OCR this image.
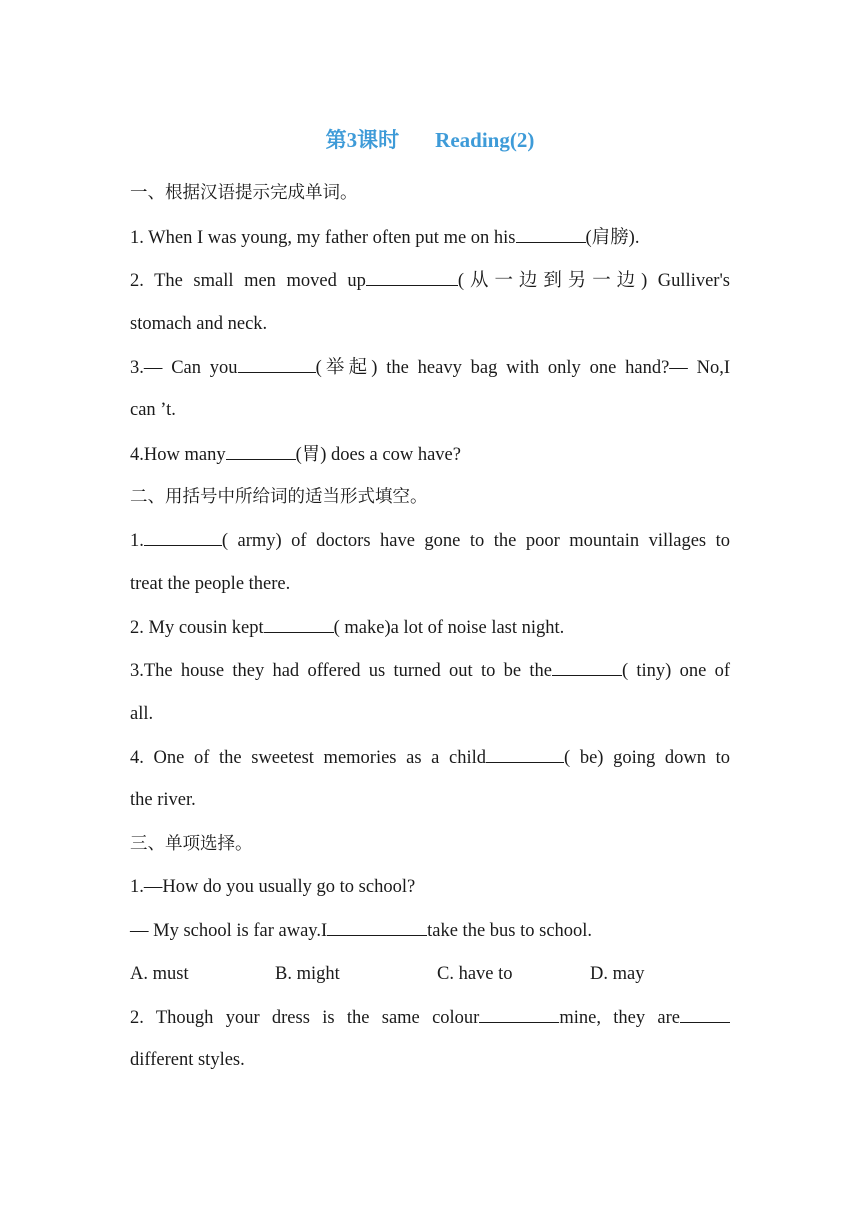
第3课时 Reading(2)
一、根据汉语提示完成单词。
1. When I was young, my father often put me on his	(肩膀).
2. The small men moved up	(从一边到另一边) Gulliver's
stomach and neck.
3.— Can you	(举起) the heavy bag with only one hand?— No,I
can ’t.
4.How many	(胃) does a cow have?
二、用括号中所给词的适当形式填空。
1.	( army) of doctors have gone to the poor mountain villages to
treat the people there.
2. My cousin kept	( make)a lot of noise last night.
3.The house they had offered us turned out to be the	( tiny) one of
all.
4. One of the sweetest memories as a child	( be) going down to
the river.
三、单项选择。
1.—How do you usually go to school?
— My school is far away.I	take the bus to school.
A. must	B. might	C. have to	D. may
2. Though your dress is the same colour	mine, they are
different styles.
